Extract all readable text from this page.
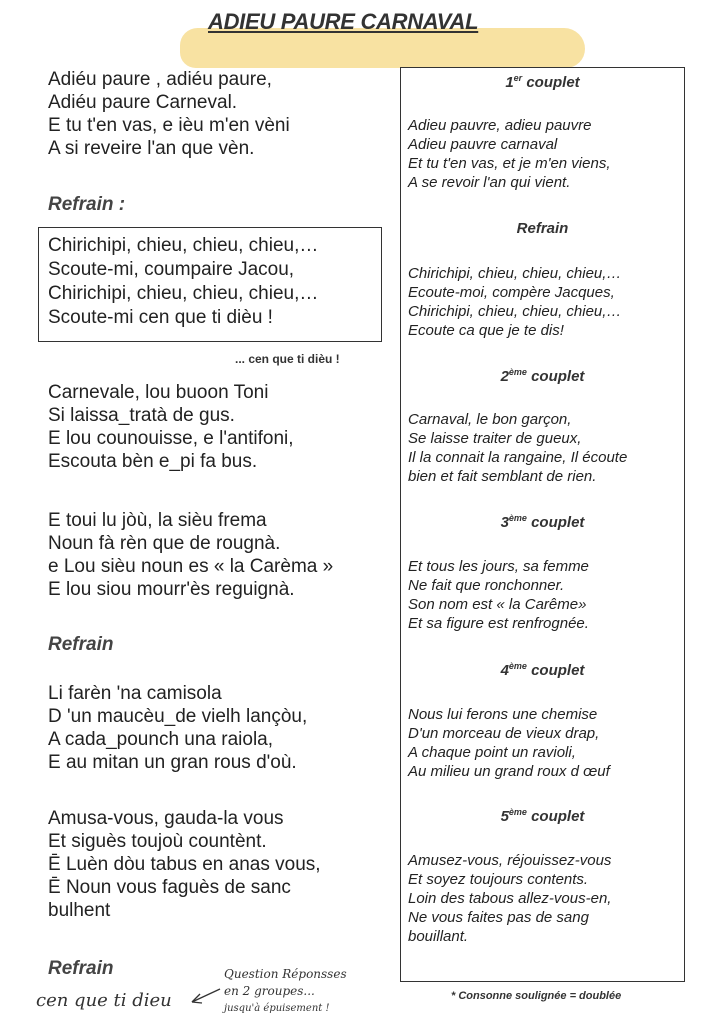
ADIEU PAURE CARNAVAL
Adiéu paure , adiéu paure,
Adiéu paure Carneval.
E tu t'en vas, e ièu m'en vèni
A si reveire l'an que vèn.
Refrain :
Chirichipi, chieu, chieu, chieu,…
Scoute-mi, coumpaire Jacou,
Chirichipi, chieu, chieu, chieu,…
Scoute-mi cen que ti dièu !
... cen que ti dièu !
Carnevale, lou buoon Toni
Si laissa_tratà de gus.
E lou counouisse, e l'antifoni,
Escouta bèn e_pi fa bus.
E toui lu jòù, la sièu frema
Noun fà rèn que de rougnà.
e Lou sièu noun es « la Carèma »
E lou siou mourr'ès reguignà.
Refrain
Li farèn 'na camisola
D 'un maucèu_de vielh lançòu,
A cada_pounch una raiola,
E au mitan un gran rous d'où.
Amusa-vous, gauda-la vous
Et siguès toujoù countènt.
Ē Luèn dòu tabus en anas vous,
Ē Noun vous faguès de sanc
bulhent
Refrain
cen que ti dieu
Question Réponsses
en 2 groupes...
jusqu'à épuisement !
1er couplet
Adieu pauvre, adieu pauvre
Adieu pauvre carnaval
Et tu t'en vas, et je m'en viens,
A se revoir l'an qui vient.
Refrain
Chirichipi, chieu, chieu, chieu,…
Ecoute-moi, compère Jacques,
Chirichipi, chieu, chieu, chieu,…
Ecoute ca que je te dis!
2ème couplet
Carnaval, le bon garçon,
Se laisse traiter de gueux,
Il la connait la rangaine, Il écoute
bien et fait semblant de rien.
3ème couplet
Et tous les jours, sa femme
Ne fait que ronchonner.
Son nom est « la Carême»
Et sa figure est renfrognée.
4ème couplet
Nous lui ferons une chemise
D'un morceau de vieux drap,
A chaque point un ravioli,
Au milieu un grand roux d œuf
5ème couplet
Amusez-vous, réjouissez-vous
Et soyez toujours contents.
Loin des tabous allez-vous-en,
Ne vous faites pas de sang
bouillant.
* Consonne soulignée = doublée
